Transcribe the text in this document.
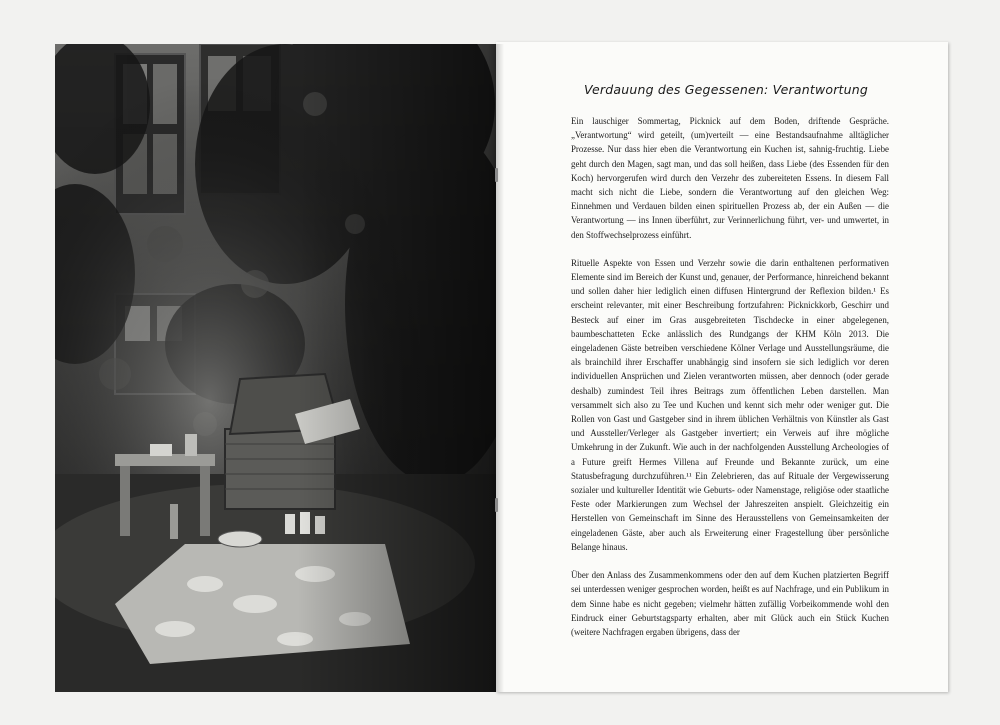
Verdauung des Gegessenen: Verantwortung

Ein lauschiger Sommertag, Picknick auf dem Boden, driftende Gespräche. „Verantwortung“ wird geteilt, (um)verteilt — eine Bestandsaufnahme alltäglicher Prozesse. Nur dass hier eben die Verantwortung ein Kuchen ist, sahnig-fruchtig. Liebe geht durch den Magen, sagt man, und das soll heißen, dass Liebe (des Essenden für den Koch) hervorgerufen wird durch den Verzehr des zubereiteten Essens. In diesem Fall macht sich nicht die Liebe, sondern die Verantwortung auf den gleichen Weg: Einnehmen und Verdauen bilden einen spirituellen Prozess ab, der ein Außen — die Verantwortung — ins Innen überführt, zur Verinnerlichung führt, ver- und umwertet, in den Stoffwechselprozess einführt.

Rituelle Aspekte von Essen und Verzehr sowie die darin enthaltenen performativen Elemente sind im Bereich der Kunst und, genauer, der Performance, hinreichend bekannt und sollen daher hier lediglich einen diffusen Hintergrund der Reflexion bilden.¹ Es erscheint relevanter, mit einer Beschreibung fortzufahren: Picknickkorb, Geschirr und Besteck auf einer im Gras ausgebreiteten Tischdecke in einer abgelegenen, baumbeschatteten Ecke anlässlich des Rundgangs der KHM Köln 2013. Die eingeladenen Gäste betreiben verschiedene Kölner Verlage und Ausstellungsräume, die als brainchild ihrer Erschaffer unabhängig sind insofern sie sich lediglich vor deren individuellen Ansprüchen und Zielen verantworten müssen, aber dennoch (oder gerade deshalb) zumindest Teil ihres Beitrags zum öffentlichen Leben darstellen. Man versammelt sich also zu Tee und Kuchen und kennt sich mehr oder weniger gut. Die Rollen von Gast und Gastgeber sind in ihrem üblichen Verhältnis von Künstler als Gast und Aussteller/Verleger als Gastgeber invertiert; ein Verweis auf ihre mögliche Umkehrung in der Zukunft. Wie auch in der nachfolgenden Ausstellung Archeologies of a Future greift Hermes Villena auf Freunde und Bekannte zurück, um eine Statusbefragung durchzuführen.¹¹ Ein Zelebrieren, das auf Rituale der Vergewisserung sozialer und kultureller Identität wie Geburts- oder Namenstage, religiöse oder staatliche Feste oder Markierungen zum Wechsel der Jahreszeiten anspielt. Gleichzeitig ein Herstellen von Gemeinschaft im Sinne des Herausstellens von Gemeinsamkeiten der eingeladenen Gäste, aber auch als Erweiterung einer Fragestellung über persönliche Belange hinaus.

Über den Anlass des Zusammenkommens oder den auf dem Kuchen platzierten Begriff sei unterdessen weniger gesprochen worden, heißt es auf Nachfrage, und ein Publikum in dem Sinne habe es nicht gegeben; vielmehr hätten zufällig Vorbeikommende wohl den Eindruck einer Geburtstagsparty erhalten, aber mit Glück auch ein Stück Kuchen (weitere Nachfragen ergaben übrigens, dass der
